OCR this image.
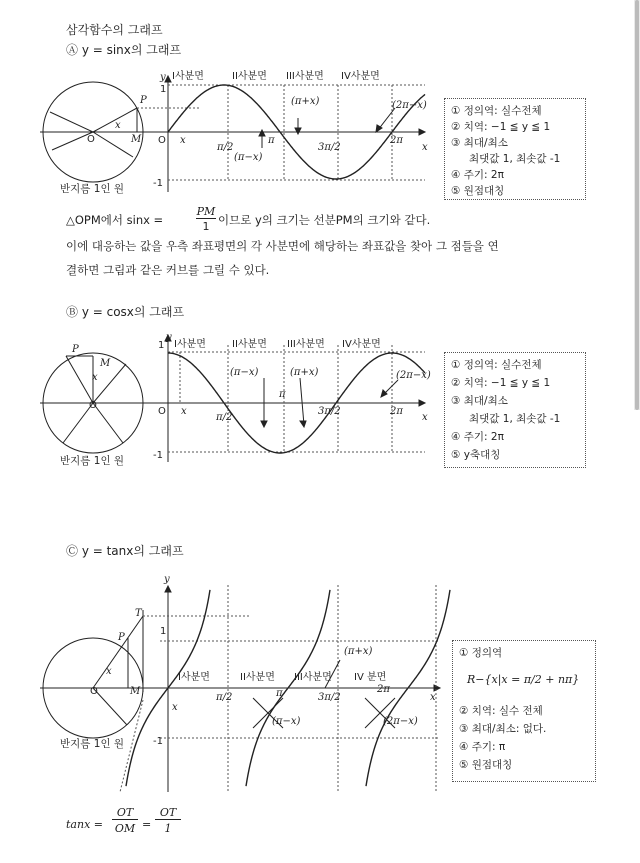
삼각함수의 그래프
Ⓐ y = sinx의 그래프
P
O	M
x
1
-1
y I사분면	II사분면 III사분면 IV사분면
O x
π/2
π
3π/2
2π
x
(π+x)	(2π−x)
(π−x)
반지름 1인 원
① 정의역: 실수전체
② 치역: −1 ≦ y ≦ 1
③ 최대/최소
최댓값 1, 최솟값 -1
④ 주기: 2π
⑤ 원점대칭
△OPM에서 sinx =
PM
1 이므로 y의 크기는 선분PM의 크기와 같다.
이에 대응하는 값을 우측 좌표평면의 각 사분면에 해당하는 좌표값을 찾아 그 점들을 연
결하면 그림과 같은 커브를 그릴 수 있다.
Ⓑ y = cosx의 그래프
P
M
O
x
1
-1
y
I사분면	II사분면 III사분면 IV사분면
O x
π/2
π
3π/2	2π
x
(π−x)	(π+x)	(2π−x)
반지름 1인 원
① 정의역: 실수전체
② 치역: −1 ≦ y ≦ 1
③ 최대/최소
최댓값 1, 최솟값 -1
④ 주기: 2π
⑤ y축대칭
Ⓒ y = tanx의 그래프
T
P
O	M
x
1
-1
y
I사분면	II사분면 III사분면 IV 분면
x
π/2	π	3π/2
2π
x
(π+x)
(π−x)	(2π−x)
반지름 1인 원
① 정의역
R−{x|x = π/2 + nπ}
② 치역: 실수 전체
③ 최대/최소: 없다.
④ 주기: π
⑤ 원점대칭
tanx =
OT
OM =
OT
1
